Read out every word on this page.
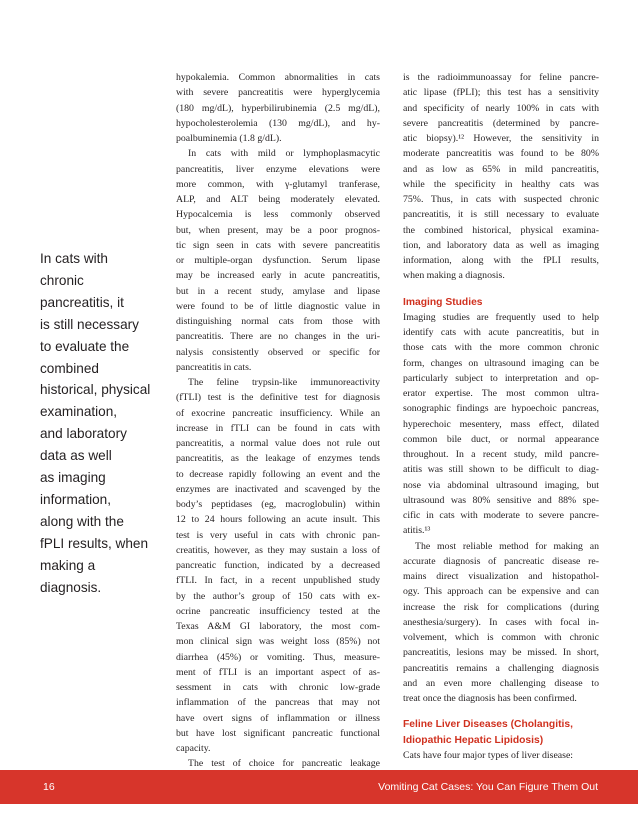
In cats with
chronic
pancreatitis, it
is still necessary
to evaluate the
combined
historical, physical
examination,
and laboratory
data as well
as imaging
information,
along with the
fPLI results, when
making a
diagnosis.
hypokalemia. Common abnormalities in cats
with severe pancreatitis were hyperglycemia
(180 mg/dL), hyperbilirubinemia (2.5 mg/dL),
hypocholesterolemia (130 mg/dL), and hy-
poalbuminemia (1.8 g/dL).
In cats with mild or lymphoplasmacytic
pancreatitis, liver enzyme elevations were
more common, with γ-glutamyl tranferase,
ALP, and ALT being moderately elevated.
Hypocalcemia is less commonly observed
but, when present, may be a poor prognos-
tic sign seen in cats with severe pancreatitis
or multiple-organ dysfunction. Serum lipase
may be increased early in acute pancreatitis,
but in a recent study, amylase and lipase
were found to be of little diagnostic value in
distinguishing normal cats from those with
pancreatitis. There are no changes in the uri-
nalysis consistently observed or specific for
pancreatitis in cats.
The feline trypsin-like immunoreactivity
(fTLI) test is the definitive test for diagnosis
of exocrine pancreatic insufficiency. While an
increase in fTLI can be found in cats with
pancreatitis, a normal value does not rule out
pancreatitis, as the leakage of enzymes tends
to decrease rapidly following an event and the
enzymes are inactivated and scavenged by the
body’s peptidases (eg, macroglobulin) within
12 to 24 hours following an acute insult. This
test is very useful in cats with chronic pan-
creatitis, however, as they may sustain a loss of
pancreatic function, indicated by a decreased
fTLI. In fact, in a recent unpublished study
by the author’s group of 150 cats with ex-
ocrine pancreatic insufficiency tested at the
Texas A&M GI laboratory, the most com-
mon clinical sign was weight loss (85%) not
diarrhea (45%) or vomiting. Thus, measure-
ment of fTLI is an important aspect of as-
sessment in cats with chronic low-grade
inflammation of the pancreas that may not
have overt signs of inflammation or illness
but have lost significant pancreatic functional
capacity.
The test of choice for pancreatic leakage
is the radioimmunoassay for feline pancre-
atic lipase (fPLI); this test has a sensitivity
and specificity of nearly 100% in cats with
severe pancreatitis (determined by pancre-
atic biopsy).¹² However, the sensitivity in
moderate pancreatitis was found to be 80%
and as low as 65% in mild pancreatitis,
while the specificity in healthy cats was
75%. Thus, in cats with suspected chronic
pancreatitis, it is still necessary to evaluate
the combined historical, physical examina-
tion, and laboratory data as well as imaging
information, along with the fPLI results,
when making a diagnosis.
Imaging Studies
Imaging studies are frequently used to help
identify cats with acute pancreatitis, but in
those cats with the more common chronic
form, changes on ultrasound imaging can be
particularly subject to interpretation and op-
erator expertise. The most common ultra-
sonographic findings are hypoechoic pancreas,
hyperechoic mesentery, mass effect, dilated
common bile duct, or normal appearance
throughout. In a recent study, mild pancre-
atitis was still shown to be difficult to diag-
nose via abdominal ultrasound imaging, but
ultrasound was 80% sensitive and 88% spe-
cific in cats with moderate to severe pancre-
atitis.¹³
The most reliable method for making an
accurate diagnosis of pancreatic disease re-
mains direct visualization and histopathol-
ogy. This approach can be expensive and can
increase the risk for complications (during
anesthesia/surgery). In cases with focal in-
volvement, which is common with chronic
pancreatitis, lesions may be missed. In short,
pancreatitis remains a challenging diagnosis
and an even more challenging disease to
treat once the diagnosis has been confirmed.
Feline Liver Diseases (Cholangitis,
Idiopathic Hepatic Lipidosis)
Cats have four major types of liver disease:
16	Vomiting Cat Cases: You Can Figure Them Out
